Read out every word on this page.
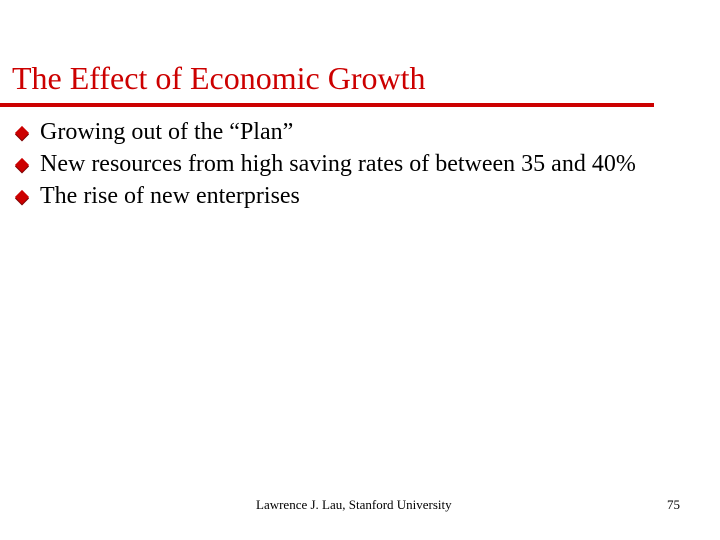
The Effect of Economic Growth
Growing out of the “Plan”
New resources from high saving rates of between 35 and 40%
The rise of new enterprises
Lawrence J. Lau, Stanford University	75
